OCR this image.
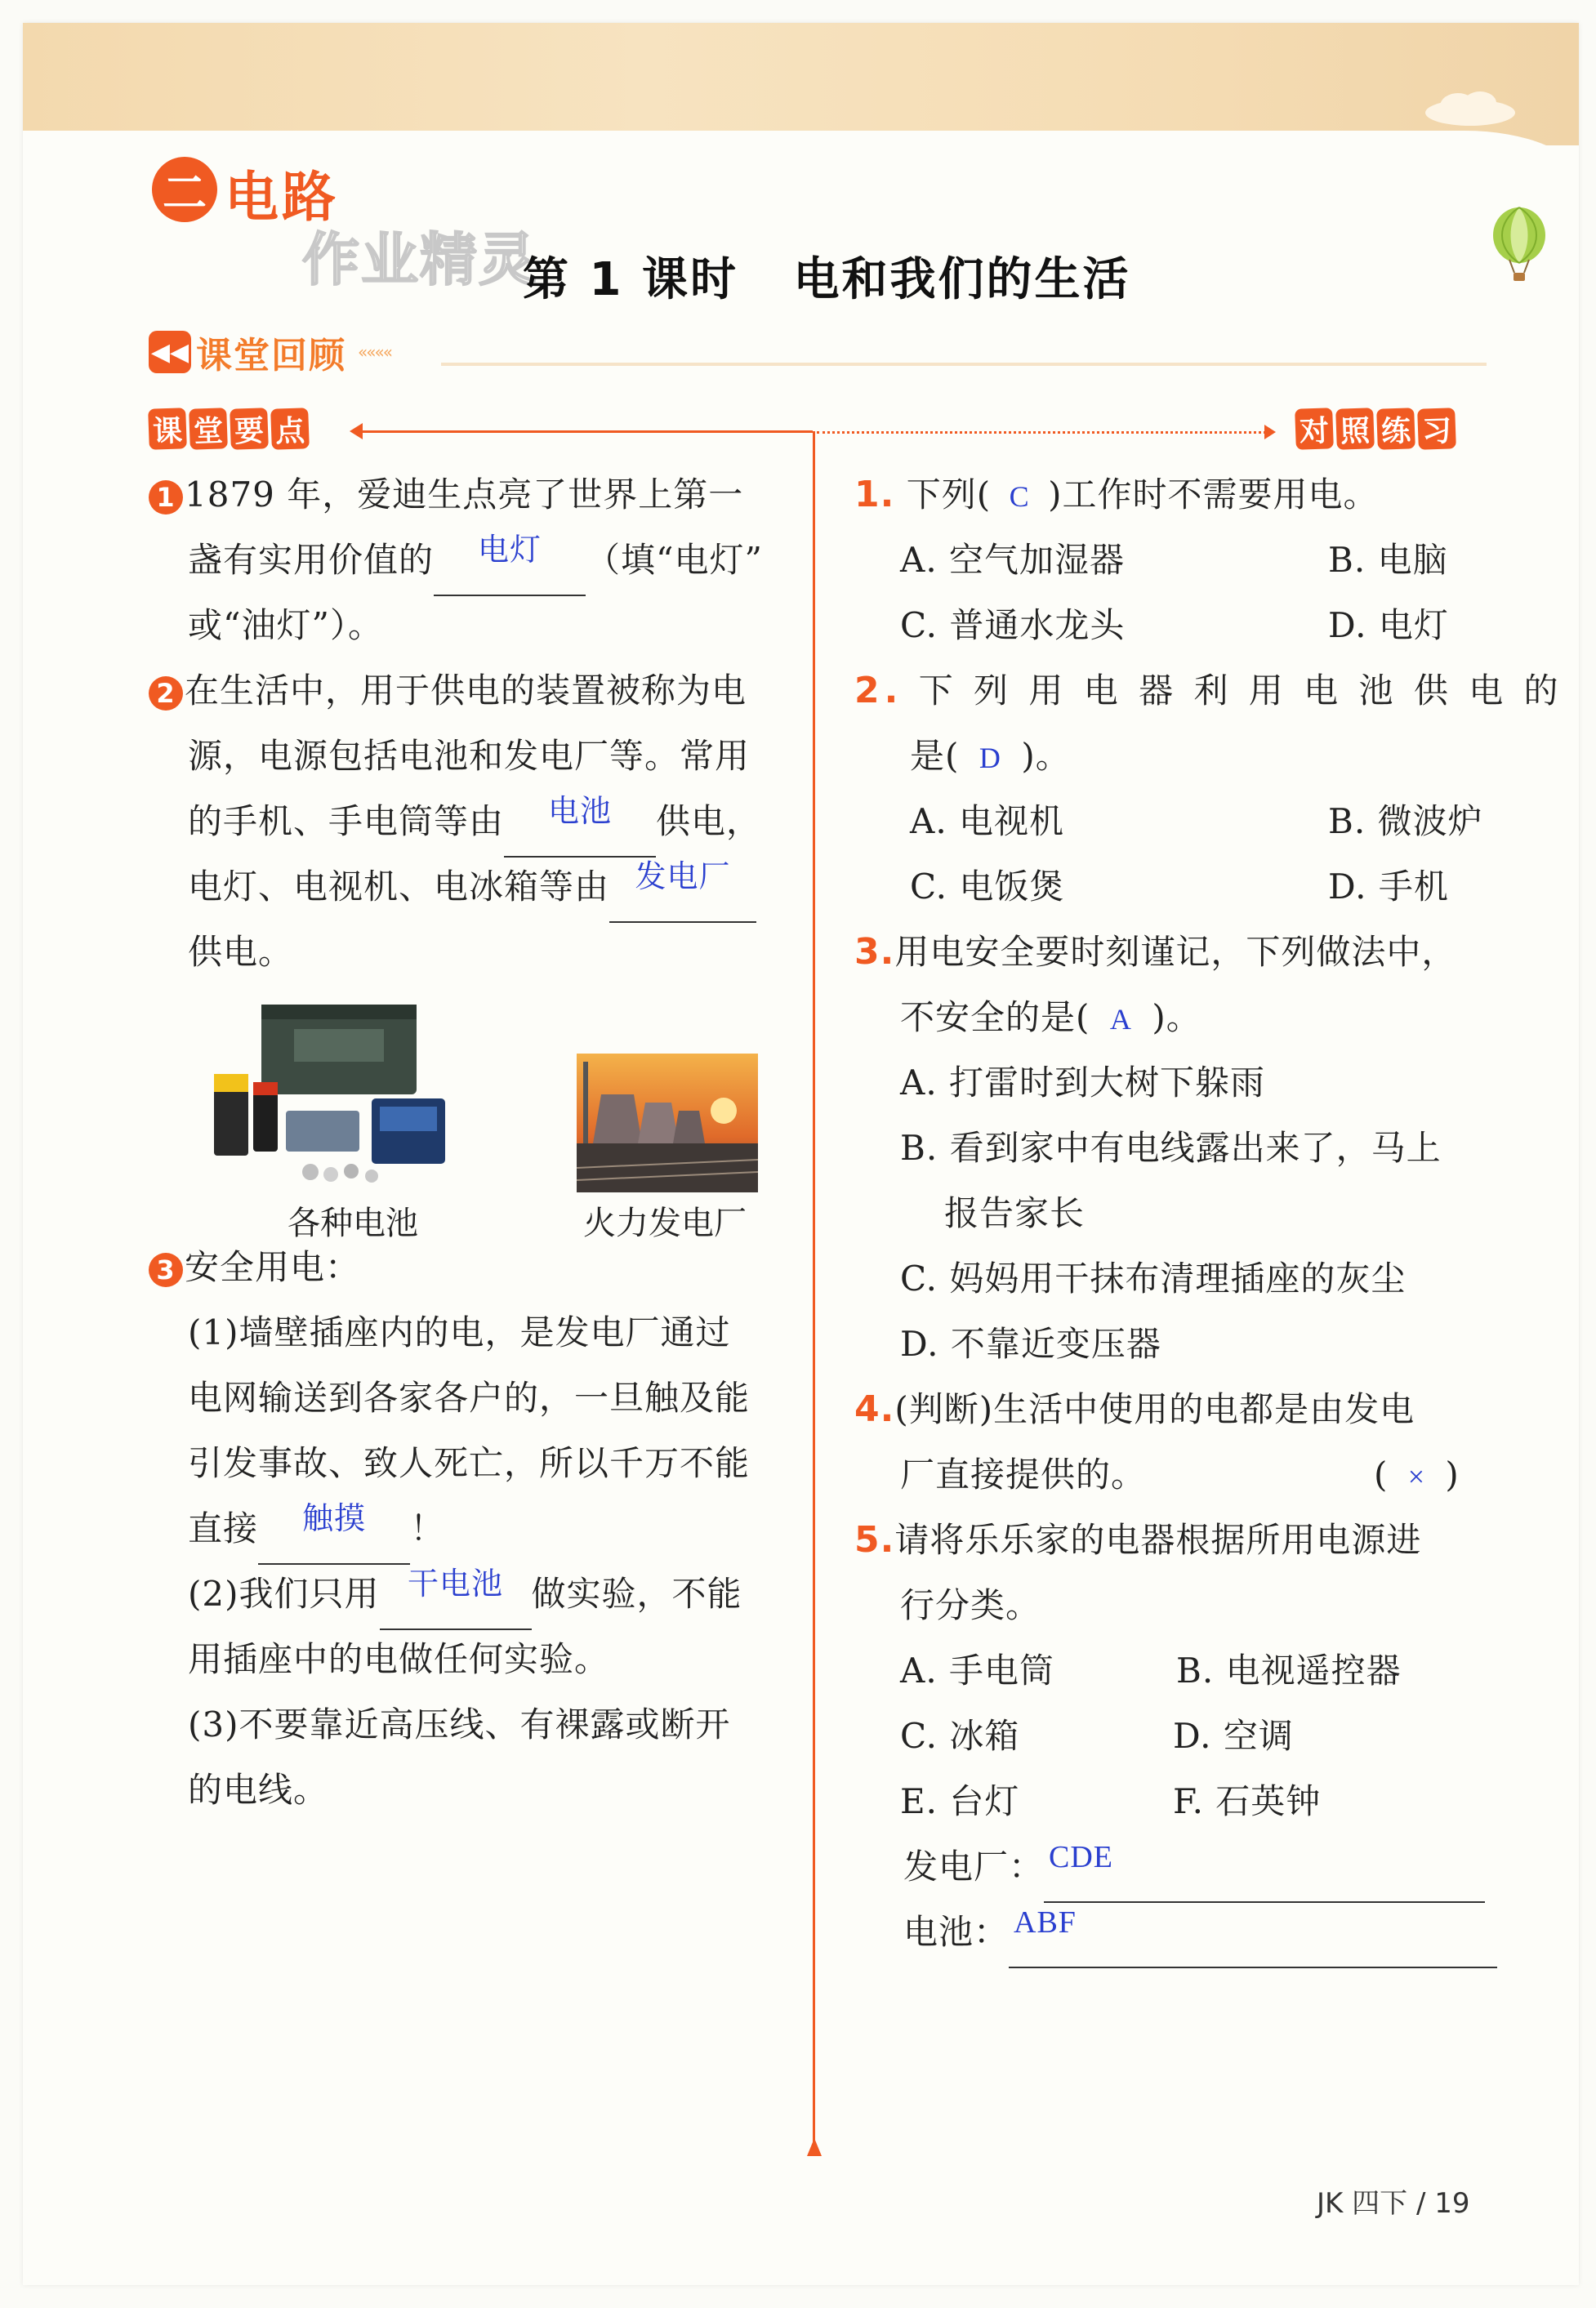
二 电路
作业精灵
第 1 课时   电和我们的生活
◀◀ 课堂回顾 ««««
课 堂 要 点	对 照 练 习
1 1879 年，爱迪生点亮了世界上第一
盏有实用价值的 电灯 （填“电灯”
或“油灯”）。
2 在生活中，用于供电的装置被称为电
源，电源包括电池和发电厂等。常用
的手机、手电筒等由 电池 供电，
电灯、电视机、电冰箱等由 发电厂
供电。
各种电池	火力发电厂
3 安全用电：
(1)墙壁插座内的电，是发电厂通过
电网输送到各家各户的，一旦触及能
引发事故、致人死亡，所以千万不能
直接 触摸 ！
(2)我们只用 干电池 做实验，不能
用插座中的电做任何实验。
(3)不要靠近高压线、有裸露或断开
的电线。
1. 下列( C )工作时不需要用电。
A. 空气加湿器	B. 电脑
C. 普通水龙头	D. 电灯
2. 下 列 用 电 器 利 用 电 池 供 电 的
是( D )。
A. 电视机	B. 微波炉
C. 电饭煲	D. 手机
3.用电安全要时刻谨记，下列做法中，
不安全的是( A )。
A. 打雷时到大树下躲雨
B. 看到家中有电线露出来了，马上
报告家长
C. 妈妈用干抹布清理插座的灰尘
D. 不靠近变压器
4.(判断)生活中使用的电都是由发电
厂直接提供的。	( × )
5.请将乐乐家的电器根据所用电源进
行分类。
A. 手电筒	B. 电视遥控器
C. 冰箱	D. 空调
E. 台灯	F. 石英钟
发电厂： CDE
电池： ABF
JK 四下 / 19
